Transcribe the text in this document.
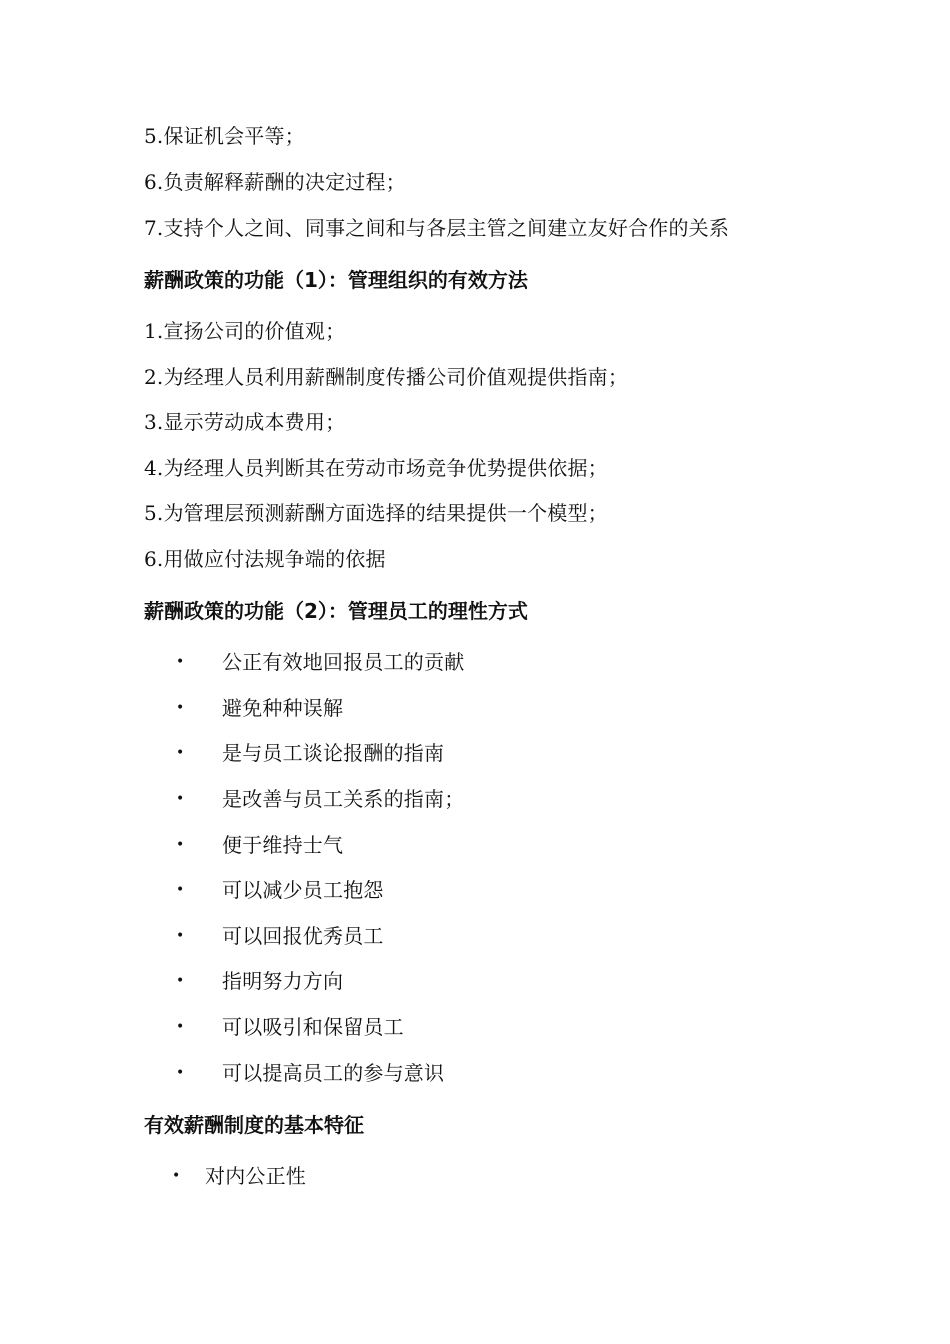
5.保证机会平等；
6.负责解释薪酬的决定过程；
7.支持个人之间、同事之间和与各层主管之间建立友好合作的关系
薪酬政策的功能（1）：管理组织的有效方法
1.宣扬公司的价值观；
2.为经理人员利用薪酬制度传播公司价值观提供指南；
3.显示劳动成本费用；
4.为经理人员判断其在劳动市场竞争优势提供依据；
5.为管理层预测薪酬方面选择的结果提供一个模型；
6.用做应付法规争端的依据
薪酬政策的功能（2）：管理员工的理性方式
• 公正有效地回报员工的贡献
• 避免种种误解
• 是与员工谈论报酬的指南
• 是改善与员工关系的指南；
• 便于维持士气
• 可以减少员工抱怨
• 可以回报优秀员工
• 指明努力方向
• 可以吸引和保留员工
• 可以提高员工的参与意识
有效薪酬制度的基本特征
• 对内公正性
